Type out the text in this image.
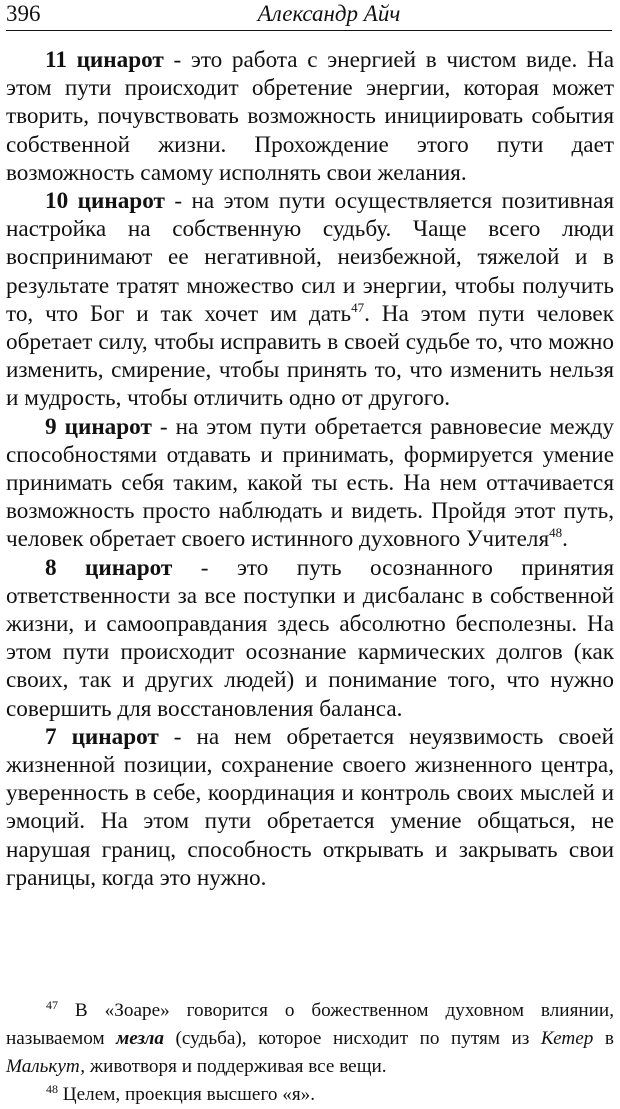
396	Александр Айч

11 цинарот - это работа с энергией в чистом виде. На этом пути происходит обретение энергии, которая может творить, почувствовать возможность инициировать события собственной жизни. Прохождение этого пути дает возможность самому исполнять свои желания.

10 цинарот - на этом пути осуществляется позитивная настройка на собственную судьбу. Чаще всего люди воспринимают ее негативной, неизбежной, тяжелой и в результате тратят множество сил и энергии, чтобы получить то, что Бог и так хочет им дать$^{47}$. На этом пути человек обретает силу, чтобы исправить в своей судьбе то, что можно изменить, смирение, чтобы принять то, что изменить нельзя и мудрость, чтобы отличить одно от другого.

9 цинарот - на этом пути обретается равновесие между способностями отдавать и принимать, формируется умение принимать себя таким, какой ты есть. На нем оттачивается возможность просто наблюдать и видеть. Пройдя этот путь, человек обретает своего истинного духовного Учителя$^{48}$.

8 цинарот - это путь осознанного принятия ответственности за все поступки и дисбаланс в собственной жизни, и самооправдания здесь абсолютно бесполезны. На этом пути происходит осознание кармических долгов (как своих, так и других людей) и понимание того, что нужно совершить для восстановления баланса.

7 цинарот - на нем обретается неуязвимость своей жизненной позиции, сохранение своего жизненного центра, уверенность в себе, координация и контроль своих мыслей и эмоций. На этом пути обретается умение общаться, не нарушая границ, способность открывать и закрывать свои границы, когда это нужно.

$^{47}$ В «Зоаре» говорится о божественном духовном влиянии, называемом мезла (судьба), которое нисходит по путям из Кетер в Малькут, животворя и поддерживая все вещи.

$^{48}$ Целем, проекция высшего «я».
